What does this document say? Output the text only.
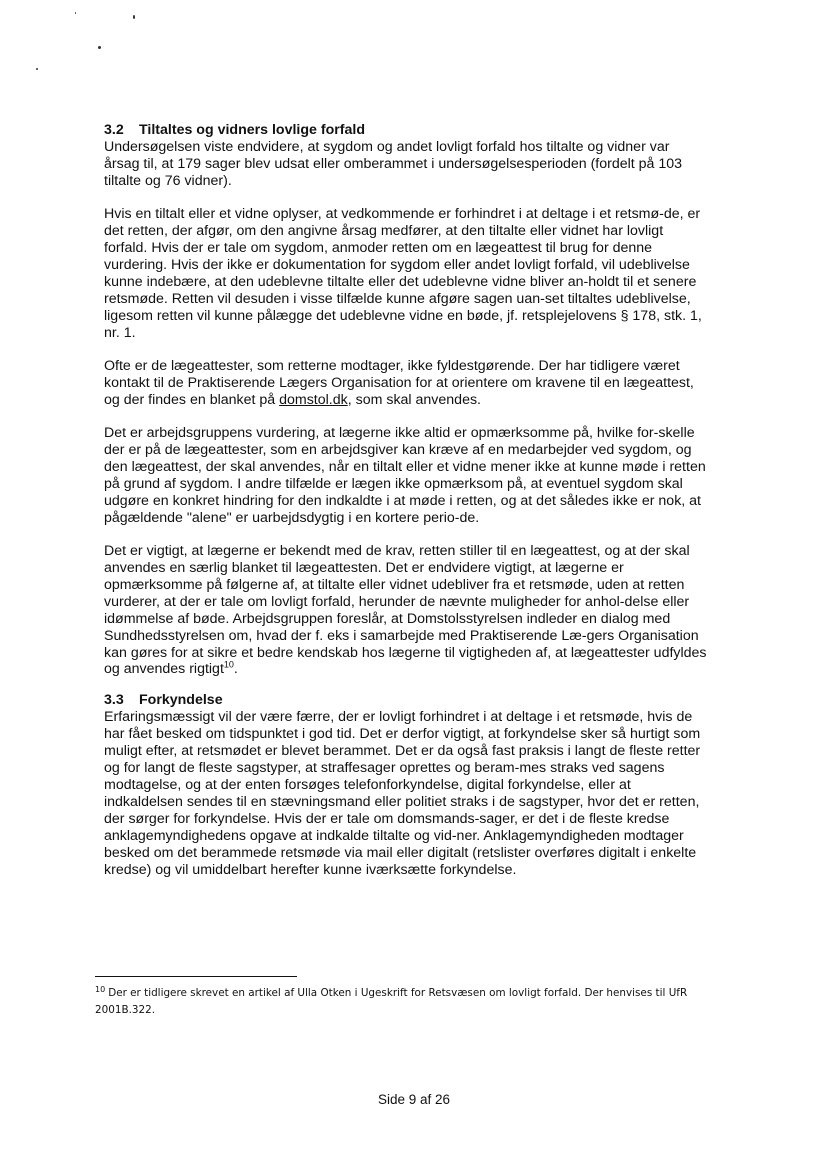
3.2 Tiltaltes og vidners lovlige forfald

Undersøgelsen viste endvidere, at sygdom og andet lovligt forfald hos tiltalte og vidner var årsag til, at 179 sager blev udsat eller omberammet i undersøgelsesperioden (fordelt på 103 tiltalte og 76 vidner).

Hvis en tiltalt eller et vidne oplyser, at vedkommende er forhindret i at deltage i et retsmø-de, er det retten, der afgør, om den angivne årsag medfører, at den tiltalte eller vidnet har lovligt forfald. Hvis der er tale om sygdom, anmoder retten om en lægeattest til brug for denne vurdering. Hvis der ikke er dokumentation for sygdom eller andet lovligt forfald, vil udeblivelse kunne indebære, at den udeblevne tiltalte eller det udeblevne vidne bliver an-holdt til et senere retsmøde. Retten vil desuden i visse tilfælde kunne afgøre sagen uan-set tiltaltes udeblivelse, ligesom retten vil kunne pålægge det udeblevne vidne en bøde, jf. retsplejelovens § 178, stk. 1, nr. 1.

Ofte er de lægeattester, som retterne modtager, ikke fyldestgørende. Der har tidligere været kontakt til de Praktiserende Lægers Organisation for at orientere om kravene til en lægeattest, og der findes en blanket på domstol.dk, som skal anvendes.

Det er arbejdsgruppens vurdering, at lægerne ikke altid er opmærksomme på, hvilke for-skelle der er på de lægeattester, som en arbejdsgiver kan kræve af en medarbejder ved sygdom, og den lægeattest, der skal anvendes, når en tiltalt eller et vidne mener ikke at kunne møde i retten på grund af sygdom. I andre tilfælde er lægen ikke opmærksom på, at eventuel sygdom skal udgøre en konkret hindring for den indkaldte i at møde i retten, og at det således ikke er nok, at pågældende "alene" er uarbejdsdygtig i en kortere perio-de.

Det er vigtigt, at lægerne er bekendt med de krav, retten stiller til en lægeattest, og at der skal anvendes en særlig blanket til lægeattesten. Det er endvidere vigtigt, at lægerne er opmærksomme på følgerne af, at tiltalte eller vidnet udebliver fra et retsmøde, uden at retten vurderer, at der er tale om lovligt forfald, herunder de nævnte muligheder for anhol-delse eller idømmelse af bøde. Arbejdsgruppen foreslår, at Domstolsstyrelsen indleder en dialog med Sundhedsstyrelsen om, hvad der f. eks i samarbejde med Praktiserende Læ-gers Organisation kan gøres for at sikre et bedre kendskab hos lægerne til vigtigheden af, at lægeattester udfyldes og anvendes rigtigt$^{10}$.

3.3 Forkyndelse

Erfaringsmæssigt vil der være færre, der er lovligt forhindret i at deltage i et retsmøde, hvis de har fået besked om tidspunktet i god tid. Det er derfor vigtigt, at forkyndelse sker så hurtigt som muligt efter, at retsmødet er blevet berammet. Det er da også fast praksis i langt de fleste retter og for langt de fleste sagstyper, at straffesager oprettes og beram-mes straks ved sagens modtagelse, og at der enten forsøges telefonforkyndelse, digital forkyndelse, eller at indkaldelsen sendes til en stævningsmand eller politiet straks i de sagstyper, hvor det er retten, der sørger for forkyndelse. Hvis der er tale om domsmands-sager, er det i de fleste kredse anklagemyndighedens opgave at indkalde tiltalte og vid-ner. Anklagemyndigheden modtager besked om det berammede retsmøde via mail eller digitalt (retslister overføres digitalt i enkelte kredse) og vil umiddelbart herefter kunne iværksætte forkyndelse.

$^{10}$ Der er tidligere skrevet en artikel af Ulla Otken i Ugeskrift for Retsvæsen om lovligt forfald. Der henvises til UfR 2001B.322.
Side 9 af 26
